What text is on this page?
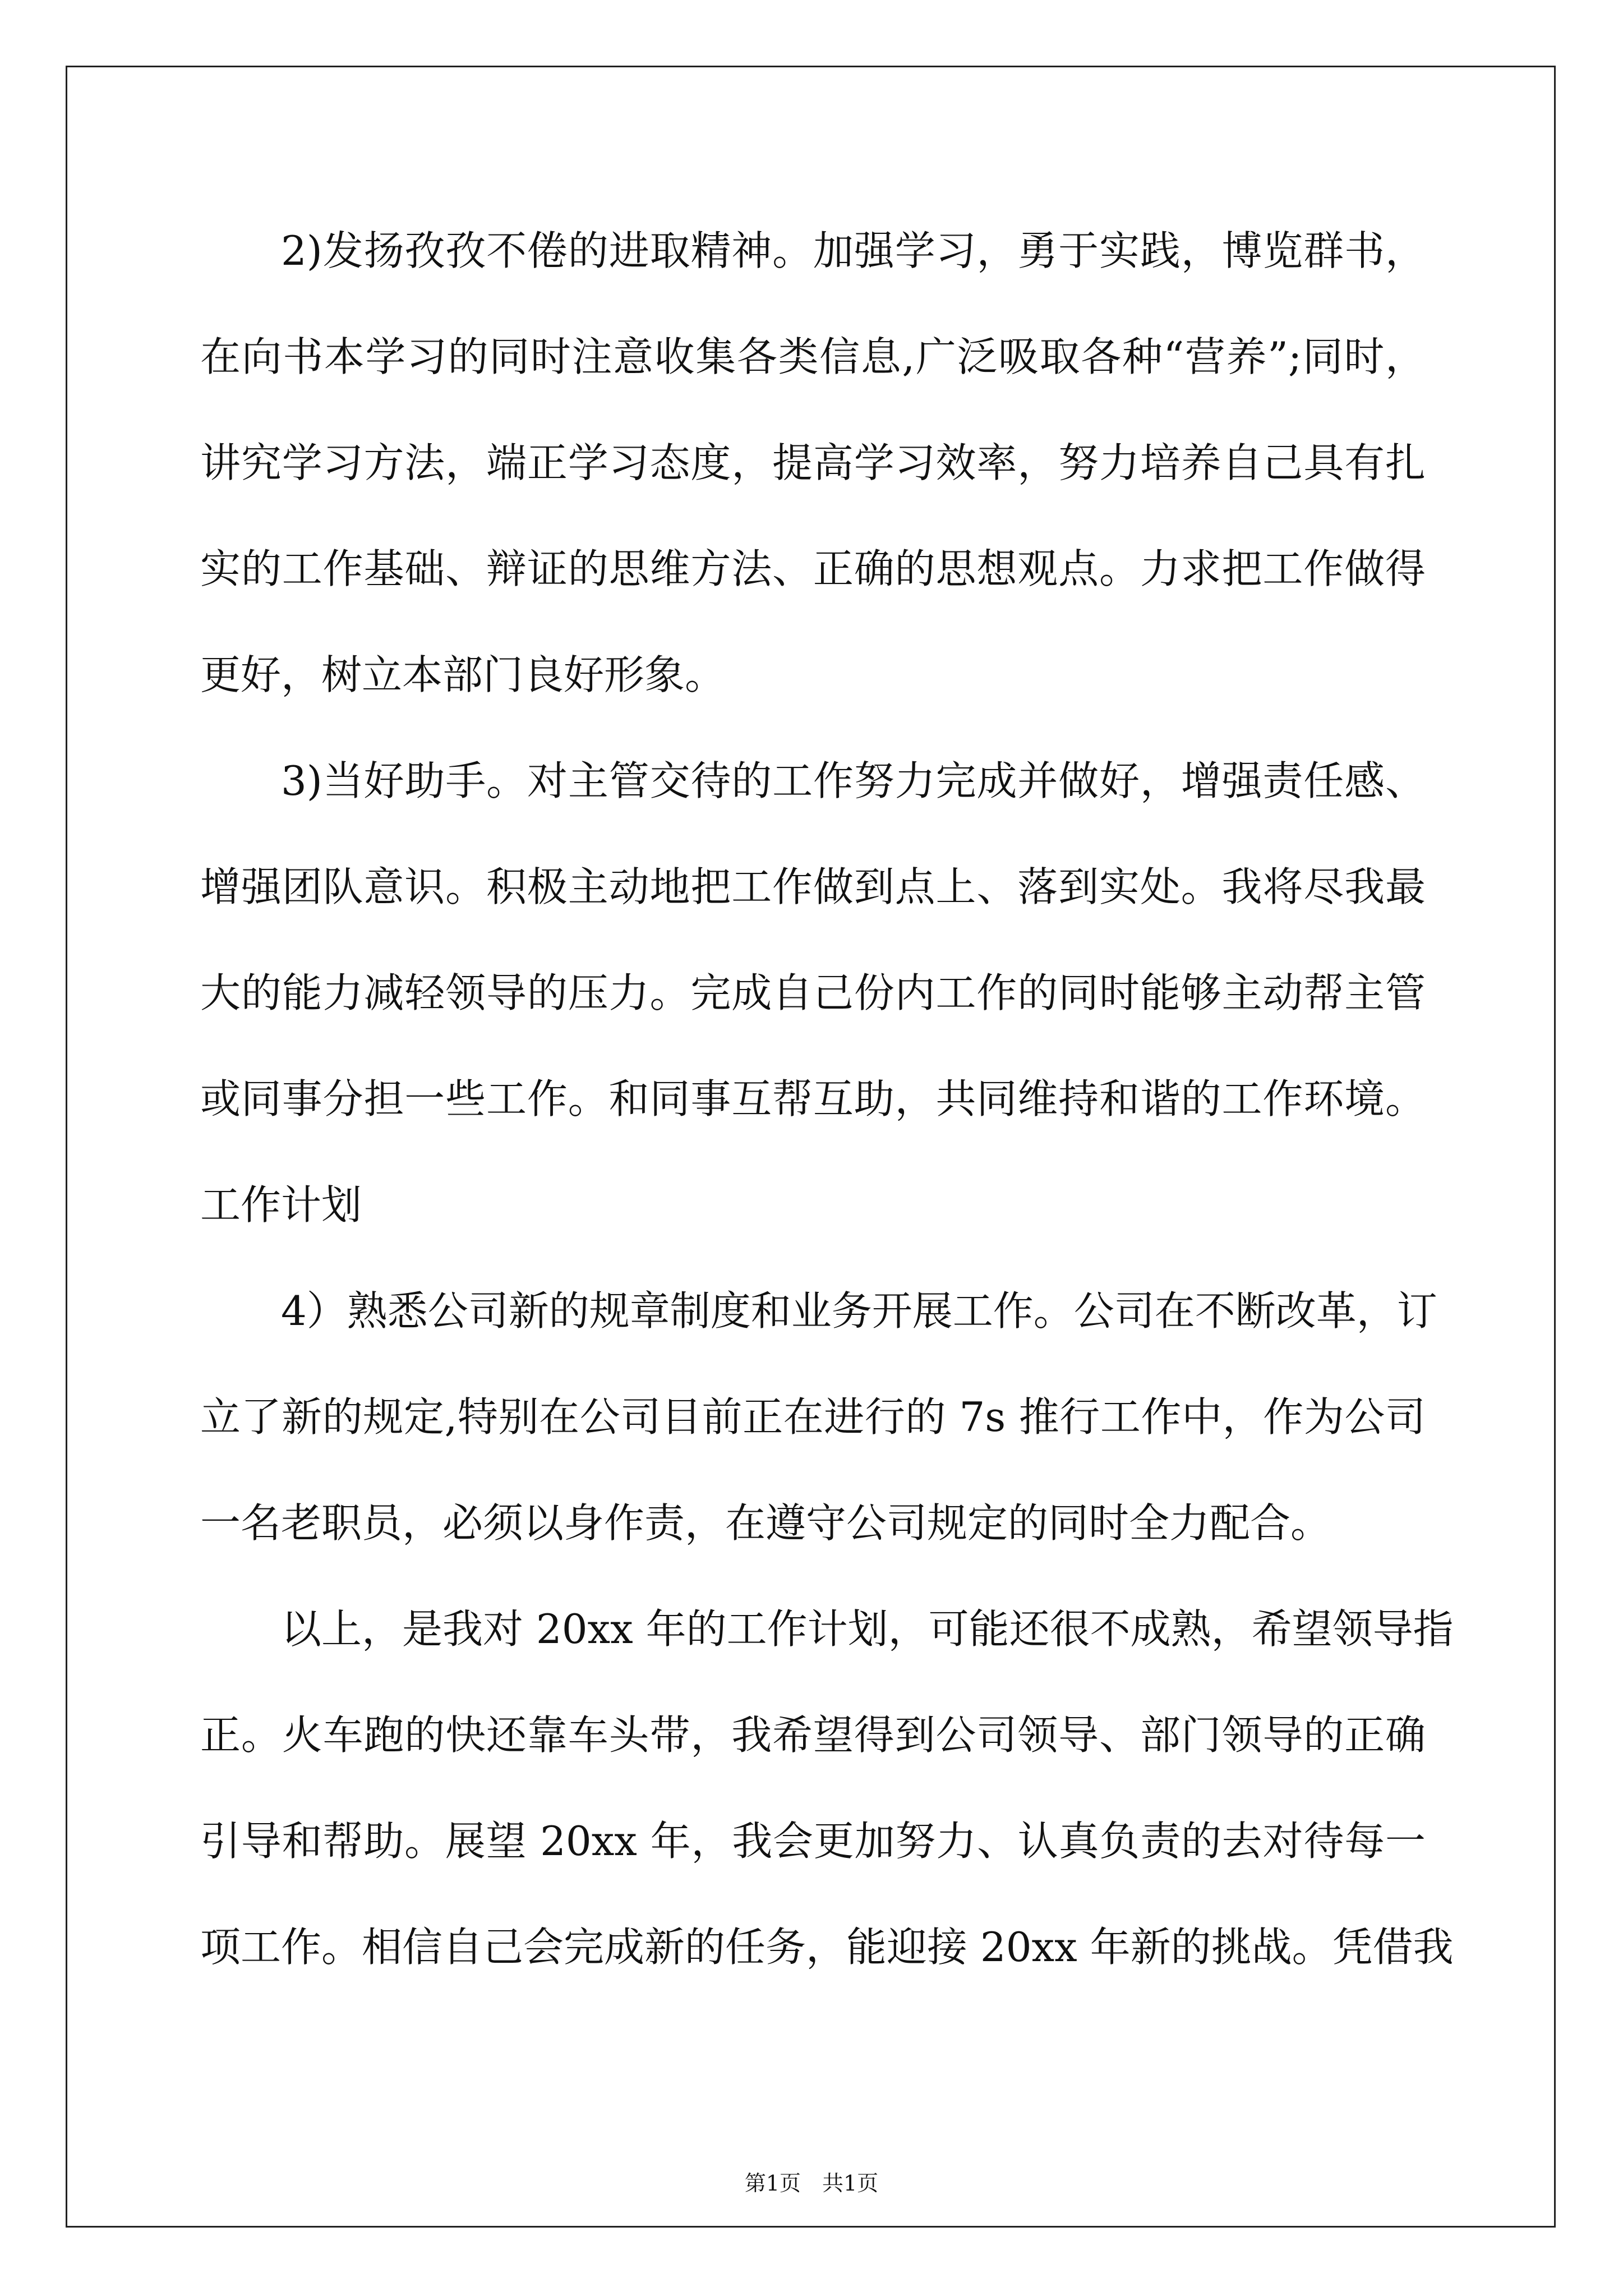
2)发扬孜孜不倦的进取精神。加强学习，勇于实践，博览群书，
在向书本学习的同时注意收集各类信息,广泛吸取各种“营养”;同时，
讲究学习方法，端正学习态度，提高学习效率，努力培养自己具有扎
实的工作基础、辩证的思维方法、正确的思想观点。力求把工作做得
更好，树立本部门良好形象。
3)当好助手。对主管交待的工作努力完成并做好，增强责任感、
增强团队意识。积极主动地把工作做到点上、落到实处。我将尽我最
大的能力减轻领导的压力。完成自己份内工作的同时能够主动帮主管
或同事分担一些工作。和同事互帮互助，共同维持和谐的工作环境。
工作计划
4）熟悉公司新的规章制度和业务开展工作。公司在不断改革，订
立了新的规定,特别在公司目前正在进行的 7s 推行工作中，作为公司
一名老职员，必须以身作责，在遵守公司规定的同时全力配合。
以上，是我对 20xx 年的工作计划，可能还很不成熟，希望领导指
正。火车跑的快还靠车头带，我希望得到公司领导、部门领导的正确
引导和帮助。展望 20xx 年，我会更加努力、认真负责的去对待每一
项工作。相信自己会完成新的任务，能迎接 20xx 年新的挑战。凭借我
第1页　共1页
